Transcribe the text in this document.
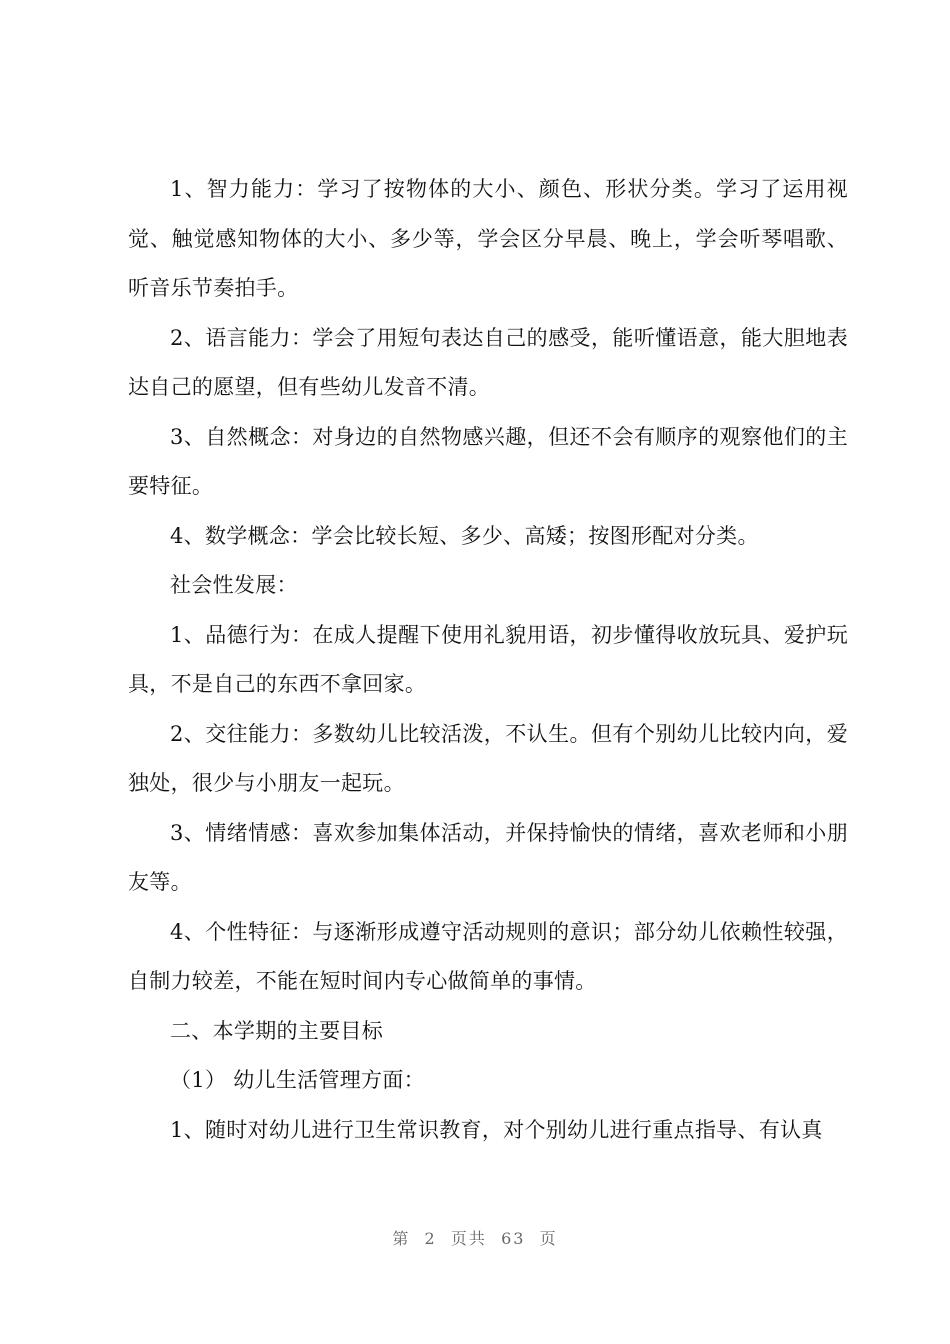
1、智力能力：学习了按物体的大小、颜色、形状分类。学习了运用视觉、触觉感知物体的大小、多少等，学会区分早晨、晚上，学会听琴唱歌、听音乐节奏拍手。

2、语言能力：学会了用短句表达自己的感受，能听懂语意，能大胆地表达自己的愿望，但有些幼儿发音不清。

3、自然概念：对身边的自然物感兴趣，但还不会有顺序的观察他们的主要特征。

4、数学概念：学会比较长短、多少、高矮；按图形配对分类。

社会性发展：

1、品德行为：在成人提醒下使用礼貌用语，初步懂得收放玩具、爱护玩具，不是自己的东西不拿回家。

2、交往能力：多数幼儿比较活泼，不认生。但有个别幼儿比较内向，爱独处，很少与小朋友一起玩。

3、情绪情感：喜欢参加集体活动，并保持愉快的情绪，喜欢老师和小朋友等。

4、个性特征：与逐渐形成遵守活动规则的意识；部分幼儿依赖性较强，自制力较差，不能在短时间内专心做简单的事情。

二、本学期的主要目标

（1） 幼儿生活管理方面：

1、随时对幼儿进行卫生常识教育，对个别幼儿进行重点指导、有认真

第  2  页共  63  页
